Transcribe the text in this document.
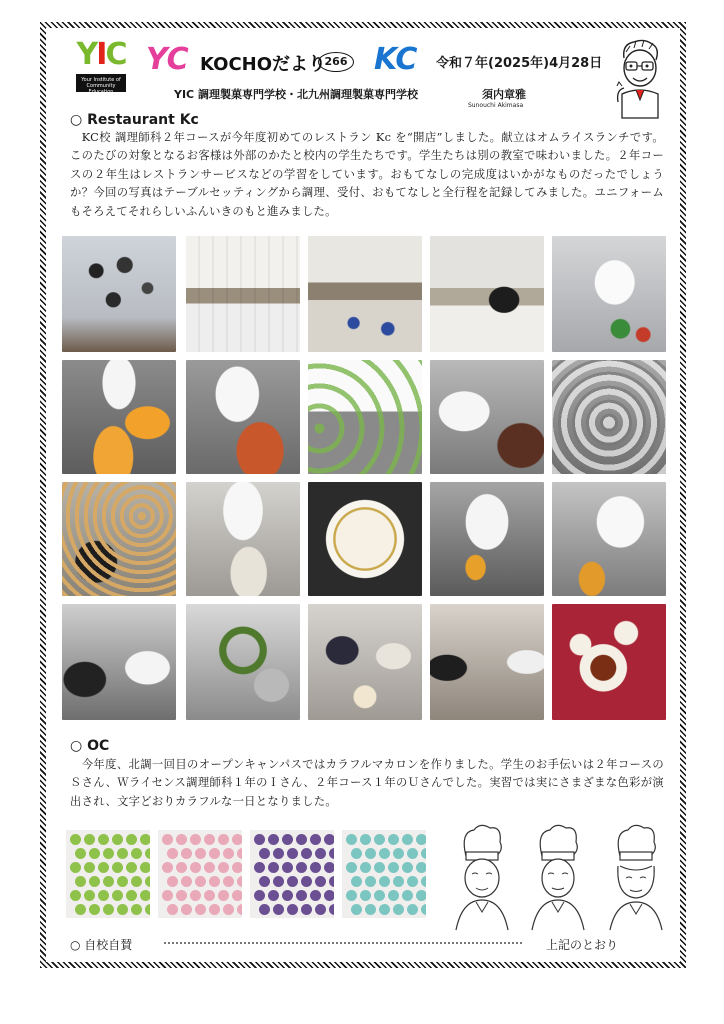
YIC
Your Institute of Community Education
YC KOCHOだより
266 KC 令和７年(2025年)4月28日
YIC 調理製菓専門学校・北九州調理製菓専門学校	須内章雅
Sunouchi Akimasa
○ Restaurant Kc
　KC校 調理師科２年コースが今年度初めてのレストラン Kc を“開店”しました。献立はオムライスランチです。このたびの対象となるお客様は外部のかたと校内の学生たちです。学生たちは別の教室で味わいました。２年コースの２年生はレストランサービスなどの学習をしています。おもてなしの完成度はいかがなものだったでしょうか？今回の写真はテーブルセッティングから調理、受付、おもてなしと全行程を記録してみました。ユニフォームもそろえてそれらしいふんいきのもと進みました。
○ OC
　今年度、北調一回目のオープンキャンパスではカラフルマカロンを作りました。学生のお手伝いは２年コースのＳさん、Ｗライセンス調理師科１年のＩさん、２年コース１年のＵさんでした。実習では実にさまざまな色彩が演出され、文字どおりカラフルな一日となりました。
○ 自校自賛	上記のとおり
